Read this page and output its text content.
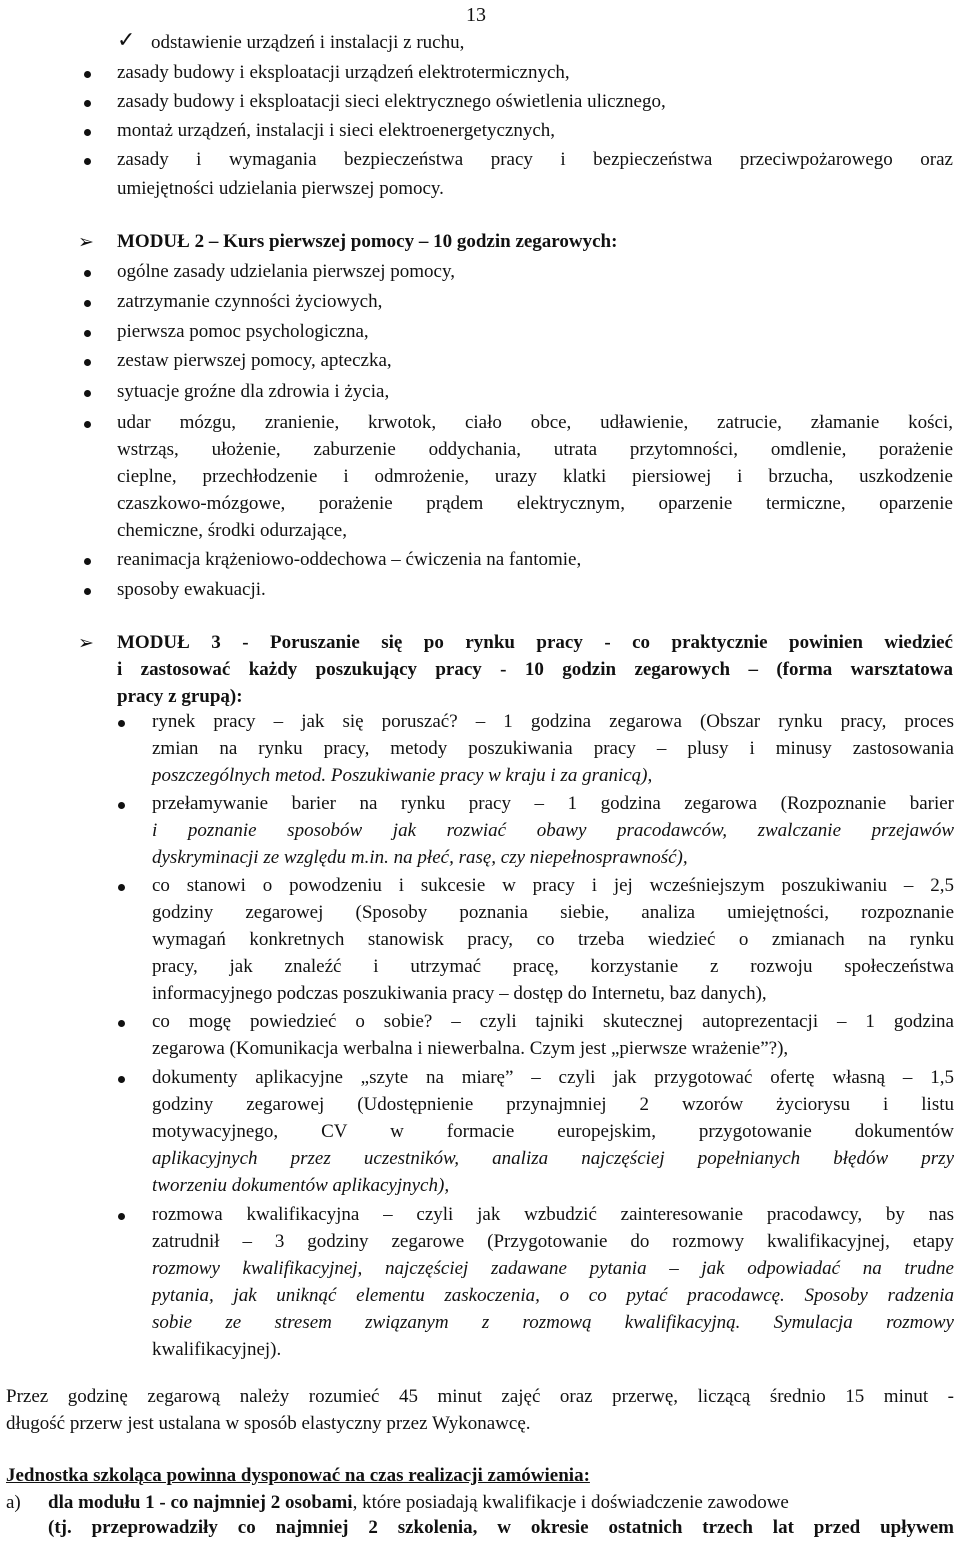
13
✓ odstawienie urządzeń i instalacji z ruchu,
zasady budowy i eksploatacji urządzeń elektrotermicznych,
zasady budowy i eksploatacji sieci elektrycznego oświetlenia ulicznego,
montaż urządzeń, instalacji i sieci elektroenergetycznych,
zasady i wymagania bezpieczeństwa pracy i bezpieczeństwa przeciwpożarowego oraz
umiejętności udzielania pierwszej pomocy.
➢ MODUŁ 2 – Kurs pierwszej pomocy – 10 godzin zegarowych:
ogólne zasady udzielania pierwszej pomocy,
zatrzymanie czynności życiowych,
pierwsza pomoc psychologiczna,
zestaw pierwszej pomocy, apteczka,
sytuacje groźne dla zdrowia i życia,
udar mózgu, zranienie, krwotok, ciało obce, udławienie, zatrucie, złamanie kości,
wstrząs, ułożenie, zaburzenie oddychania, utrata przytomności, omdlenie, porażenie
cieplne, przechłodzenie i odmrożenie, urazy klatki piersiowej i brzucha, uszkodzenie
czaszkowo-mózgowe, porażenie prądem elektrycznym, oparzenie termiczne, oparzenie
chemiczne, środki odurzające,
reanimacja krążeniowo-oddechowa – ćwiczenia na fantomie,
sposoby ewakuacji.
➢ MODUŁ 3 - Poruszanie się po rynku pracy - co praktycznie powinien wiedzieć
i zastosować każdy poszukujący pracy - 10 godzin zegarowych – (forma warsztatowa
pracy z grupą):
rynek pracy – jak się poruszać? – 1 godzina zegarowa (Obszar rynku pracy, proces
zmian na rynku pracy, metody poszukiwania pracy – plusy i minusy zastosowania
poszczególnych metod. Poszukiwanie pracy w kraju i za granicą),
przełamywanie barier na rynku pracy – 1 godzina zegarowa (Rozpoznanie barier
i poznanie sposobów jak rozwiać obawy pracodawców, zwalczanie przejawów
dyskryminacji ze względu m.in. na płeć, rasę, czy niepełnosprawność),
co stanowi o powodzeniu i sukcesie w pracy i jej wcześniejszym poszukiwaniu – 2,5
godziny zegarowej (Sposoby poznania siebie, analiza umiejętności, rozpoznanie
wymagań konkretnych stanowisk pracy, co trzeba wiedzieć o zmianach na rynku
pracy, jak znaleźć i utrzymać pracę, korzystanie z rozwoju społeczeństwa
informacyjnego podczas poszukiwania pracy – dostęp do Internetu, baz danych),
co mogę powiedzieć o sobie? – czyli tajniki skutecznej autoprezentacji – 1 godzina
zegarowa (Komunikacja werbalna i niewerbalna. Czym jest „pierwsze wrażenie”?),
dokumenty aplikacyjne „szyte na miarę” – czyli jak przygotować ofertę własną – 1,5
godziny zegarowej (Udostępnienie przynajmniej 2 wzorów życiorysu i listu
motywacyjnego, CV w formacie europejskim, przygotowanie dokumentów
aplikacyjnych przez uczestników, analiza najczęściej popełnianych błędów przy
tworzeniu dokumentów aplikacyjnych),
rozmowa kwalifikacyjna – czyli jak wzbudzić zainteresowanie pracodawcy, by nas
zatrudnił – 3 godziny zegarowe (Przygotowanie do rozmowy kwalifikacyjnej, etapy
rozmowy kwalifikacyjnej, najczęściej zadawane pytania – jak odpowiadać na trudne
pytania, jak uniknąć elementu zaskoczenia, o co pytać pracodawcę. Sposoby radzenia
sobie ze stresem związanym z rozmową kwalifikacyjną. Symulacja rozmowy
kwalifikacyjnej).
Przez godzinę zegarową należy rozumieć 45 minut zajęć oraz przerwę, liczącą średnio 15 minut -
długość przerw jest ustalana w sposób elastyczny przez Wykonawcę.
Jednostka szkoląca powinna dysponować na czas realizacji zamówienia:
a) dla modułu 1 - co najmniej 2 osobami, które posiadają kwalifikacje i doświadczenie zawodowe
(tj. przeprowadziły co najmniej 2 szkolenia, w okresie ostatnich trzech lat przed upływem
